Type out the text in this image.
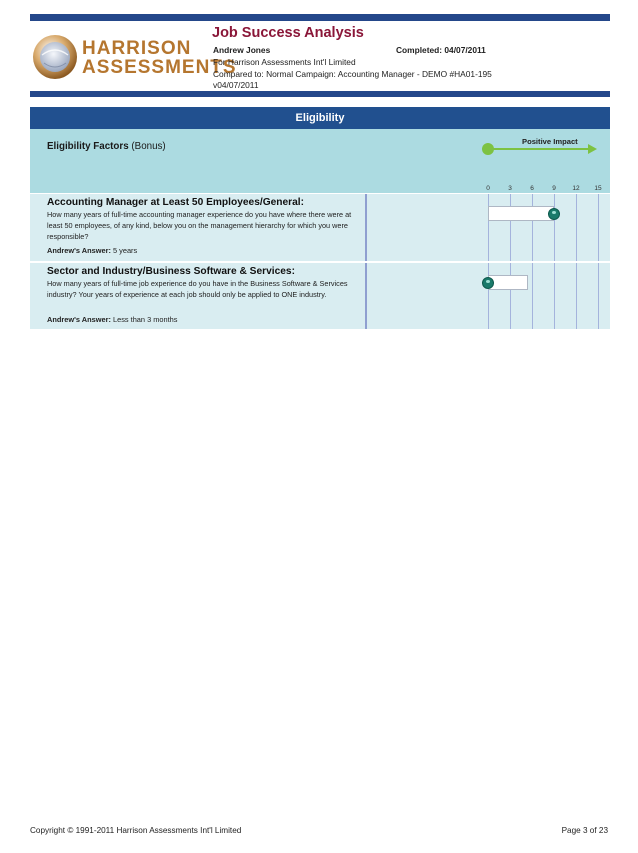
HARRISON
ASSESSMENTS
Job Success Analysis
Andrew Jones	Completed: 04/07/2011
For Harrison Assessments Int'l Limited
Compared to: Normal Campaign: Accounting Manager - DEMO #HA01-195
v04/07/2011
Eligibility
Eligibility Factors (Bonus)	Positive Impact
0	3	6	9	12	15
Accounting Manager at Least 50 Employees/General:
How many years of full-time accounting manager experience do you have where there were at least 50 employees, of any kind, below you on the management hierarchy for which you were responsible?
Andrew's Answer: 5 years
Sector and Industry/Business Software & Services:
How many years of full-time job experience do you have in the Business Software & Services industry? Your years of experience at each job should only be applied to ONE industry.
Andrew's Answer: Less than 3 months
Copyright © 1991-2011 Harrison Assessments Int'l Limited	Page 3 of 23
